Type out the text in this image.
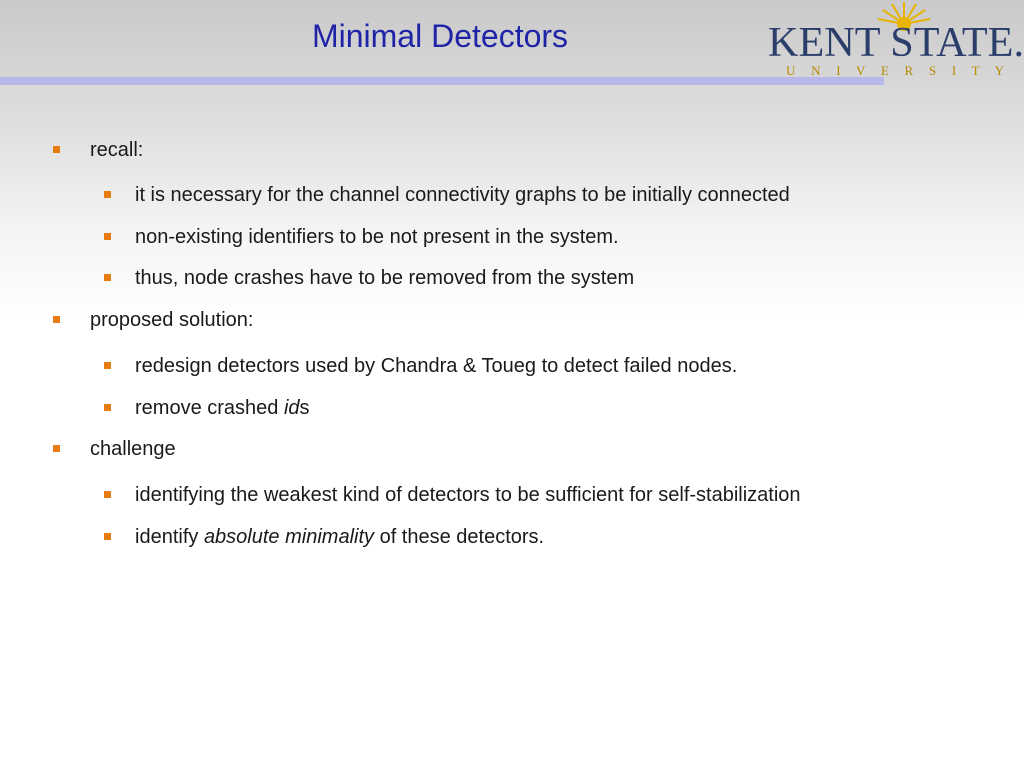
Minimal Detectors	KENT STATE.
U N I V E R S I T Y
recall:
it is necessary for the channel connectivity graphs to be initially connected
non-existing identifiers to be not present in the system.
thus, node crashes have to be removed from the system
proposed solution:
redesign detectors used by Chandra & Toueg to detect failed nodes.
remove crashed ids
challenge
identifying the weakest kind of detectors to be sufficient for self-stabilization
identify absolute minimality of these detectors.
